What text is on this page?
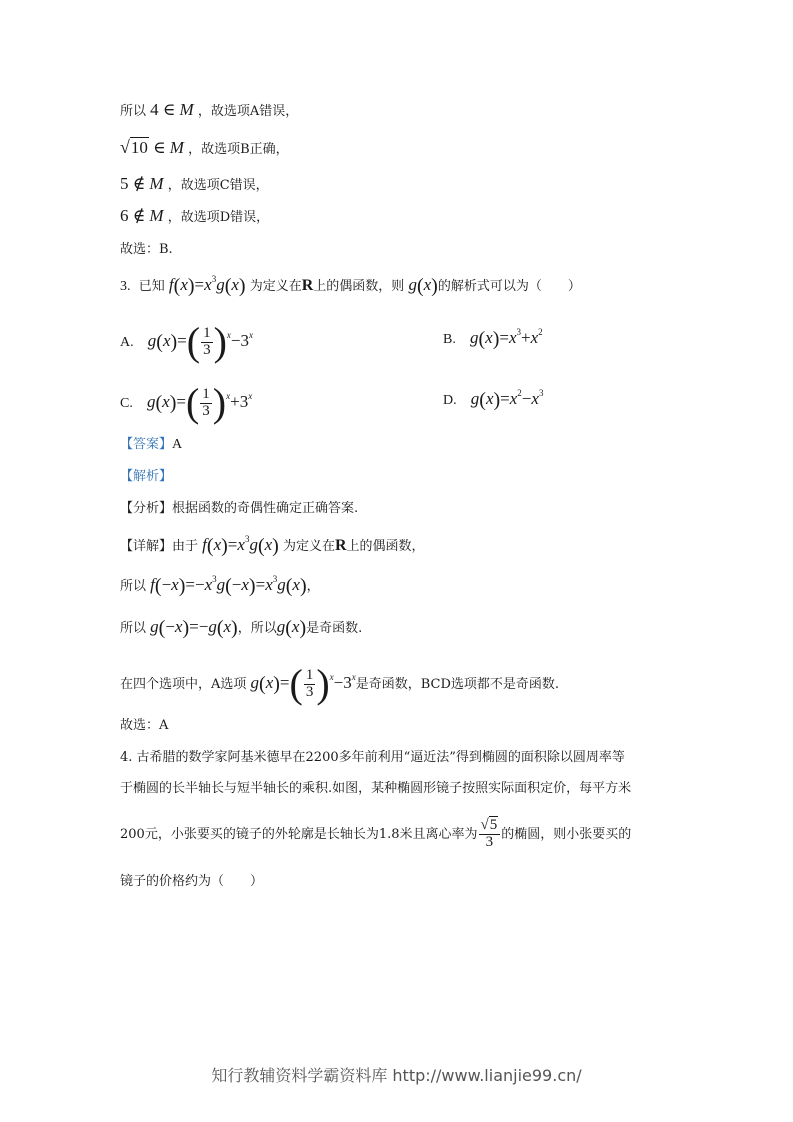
所以 4 ∈ M ，故选项A错误，
√10 ∈ M ，故选项B正确，
5 ∉ M ，故选项C错误，
6 ∉ M ，故选项D错误，
故选：B.
3. 已知 $f(x)=x^3g(x)$ 为定义在R上的偶函数，则 g(x)的解析式可以为（　　）
A. $g(x)=( \frac{1}{3} )^x-3^x$	B. $g(x)=x^3+x^2$
C. $g(x)=( \frac{1}{3} )^x+3^x$	D. $g(x)=x^2-x^3$
【答案】A
【解析】
【分析】根据函数的奇偶性确定正确答案.
【详解】由于 $f(x)=x^3g(x)$ 为定义在R上的偶函数，
所以 $f(-x)=-x^3g(-x)=x^3g(x)$，
所以 g(−x)=−g(x)，所以g(x)是奇函数.
在四个选项中，A选项 $g(x)=( \frac{1}{3} )^x-3^x$是奇函数，BCD选项都不是奇函数.
故选：A
4. 古希腊的数学家阿基米德早在2200多年前利用“逼近法”得到椭圆的面积除以圆周率等
于椭圆的长半轴长与短半轴长的乘积.如图，某种椭圆形镜子按照实际面积定价，每平方米
200元，小张要买的镜子的外轮廓是长轴长为1.8米且离心率为 $\frac{√5}{3}$ 的椭圆，则小张要买的
镜子的价格约为（　　）
知行教辅资料学霸资料库 http://www.lianjie99.cn/
